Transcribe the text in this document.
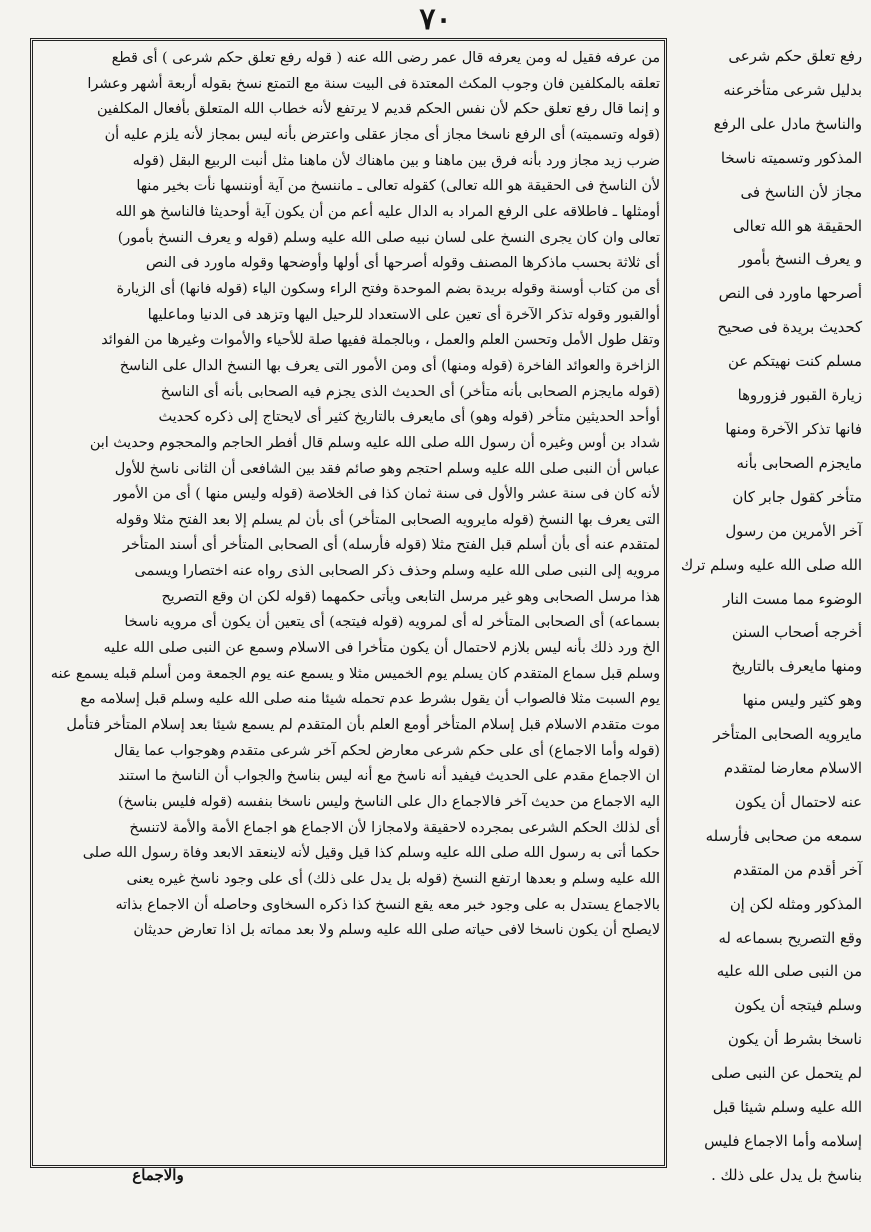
٧٠
من عرفه فقيل له ومن يعرفه قال عمر رضى الله عنه ( قوله رفع تعلق حكم شرعى ) أى قطع
تعلقه بالمكلفين فان وجوب المكث المعتدة فى البيت سنة مع التمتع نسخ بقوله أربعة أشهر وعشرا
و إنما قال رفع تعلق حكم لأن نفس الحكم قديم لا يرتفع لأنه خطاب الله المتعلق بأفعال المكلفين
(قوله وتسميته) أى الرفع ناسخا مجاز أى مجاز عقلى واعترض بأنه ليس بمجاز لأنه يلزم عليه أن
ضرب زيد مجاز ورد بأنه فرق بين ماهنا و بين ماهناك لأن ماهنا مثل أنبت الربيع البقل (قوله
لأن الناسخ فى الحقيقة هو الله تعالى) كقوله تعالى ـ ماننسخ من آية أوننسها نأت بخير منها
أومثلها ـ فاطلاقه على الرفع المراد به الدال عليه أعم من أن يكون آية أوحديثا فالناسخ هو الله
تعالى وان كان يجرى النسخ على لسان نبيه صلى الله عليه وسلم (قوله و يعرف النسخ بأمور)
أى ثلاثة بحسب ماذكرها المصنف وقوله أصرحها أى أولها وأوضحها وقوله ماورد فى النص
أى من كتاب أوسنة وقوله بريدة بضم الموحدة وفتح الراء وسكون الياء (قوله فانها) أى الزيارة
أوالقبور وقوله تذكر الآخرة أى تعين على الاستعداد للرحيل اليها وتزهد فى الدنيا وماعليها
وتقل طول الأمل وتحسن العلم والعمل ، وبالجملة ففيها صلة للأحياء والأموات وغيرها من الفوائد
الزاخرة والعوائد الفاخرة (قوله ومنها) أى ومن الأمور التى يعرف بها النسخ الدال على الناسخ
(قوله مايجزم الصحابى بأنه متأخر) أى الحديث الذى يجزم فيه الصحابى بأنه أى الناسخ
أوأحد الحديثين متأخر (قوله وهو) أى مايعرف بالتاريخ كثير أى لايحتاج إلى ذكره كحديث
شداد بن أوس وغيره أن رسول الله صلى الله عليه وسلم قال أفطر الحاجم والمحجوم وحديث ابن
عباس أن النبى صلى الله عليه وسلم احتجم وهو صائم فقد بين الشافعى أن الثانى ناسخ للأول
لأنه كان فى سنة عشر والأول فى سنة ثمان كذا فى الخلاصة (قوله وليس منها ) أى من الأمور
التى يعرف بها النسخ (قوله مايرويه الصحابى المتأخر) أى بأن لم يسلم إلا بعد الفتح مثلا وقوله
لمتقدم عنه أى بأن أسلم قبل الفتح مثلا (قوله فأرسله) أى الصحابى المتأخر أى أسند المتأخر
مرويه إلى النبى صلى الله عليه وسلم وحذف ذكر الصحابى الذى رواه عنه اختصارا ويسمى
هذا مرسل الصحابى وهو غير مرسل التابعى ويأتى حكمهما (قوله لكن ان وقع التصريح
بسماعه) أى الصحابى المتأخر له أى لمرويه (قوله فيتجه) أى يتعين أن يكون أى مرويه ناسخا
الخ ورد ذلك بأنه ليس بلازم لاحتمال أن يكون متأخرا فى الاسلام وسمع عن النبى صلى الله عليه
وسلم قبل سماع المتقدم كان يسلم يوم الخميس مثلا و يسمع عنه يوم الجمعة ومن أسلم قبله يسمع عنه
يوم السبت مثلا فالصواب أن يقول بشرط عدم تحمله شيئا منه صلى الله عليه وسلم قبل إسلامه مع
موت متقدم الاسلام قبل إسلام المتأخر أومع العلم بأن المتقدم لم يسمع شيئا بعد إسلام المتأخر فتأمل
(قوله وأما الاجماع) أى على حكم شرعى معارض لحكم آخر شرعى متقدم وهوجواب عما يقال
ان الاجماع مقدم على الحديث فيفيد أنه ناسخ مع أنه ليس بناسخ والجواب أن الناسخ ما استند
اليه الاجماع من حديث آخر فالاجماع دال على الناسخ وليس ناسخا بنفسه (قوله فليس بناسخ)
أى لذلك الحكم الشرعى بمجرده لاحقيقة ولامجازا لأن الاجماع هو اجماع الأمة والأمة لاتنسخ
حكما أتى به رسول الله صلى الله عليه وسلم كذا قيل وقيل لأنه لاينعقد الابعد وفاة رسول الله صلى
الله عليه وسلم و بعدها ارتفع النسخ (قوله بل يدل على ذلك) أى على وجود ناسخ غيره يعنى
بالاجماع يستدل به على وجود خبر معه يقع النسخ كذا ذكره السخاوى وحاصله أن الاجماع بذاته
لايصلح أن يكون ناسخا لافى حياته صلى الله عليه وسلم ولا بعد مماته بل اذا تعارض حديثان
رفع تعلق حكم شرعى
بدليل شرعى متأخرعنه
والناسخ مادل على الرفع
المذكور وتسميته ناسخا
مجاز لأن الناسخ فى
الحقيقة هو الله تعالى
و يعرف النسخ بأمور
أصرحها ماورد فى النص
كحديث بريدة فى صحيح
مسلم كنت نهيتكم عن
زيارة القبور فزوروها
فانها تذكر الآخرة ومنها
مايجزم الصحابى بأنه
متأخر كقول جابر كان
آخر الأمرين من رسول
الله صلى الله عليه وسلم ترك
الوضوء مما مست النار
أخرجه أصحاب السنن
ومنها مايعرف بالتاريخ
وهو كثير وليس منها
مايرويه الصحابى المتأخر
الاسلام معارضا لمتقدم
عنه لاحتمال أن يكون
سمعه من صحابى فأرسله
آخر أقدم من المتقدم
المذكور ومثله لكن إن
وقع التصريح بسماعه له
من النبى صلى الله عليه
وسلم فيتجه أن يكون
ناسخا بشرط أن يكون
لم يتحمل عن النبى صلى
الله عليه وسلم شيئا قبل
إسلامه وأما الاجماع فليس
بناسخ بل يدل على ذلك .
والاجماع
